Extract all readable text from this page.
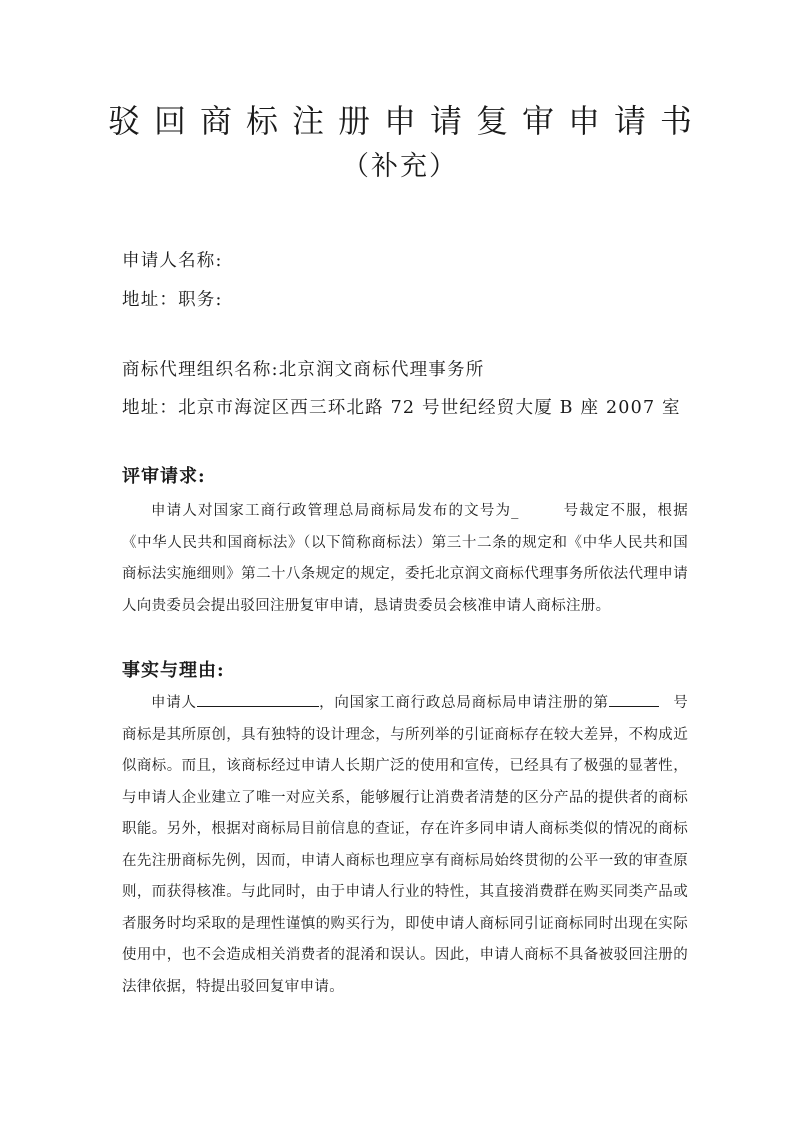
驳回商标注册申请复审申请书
（补充）
申请人名称:
地址：职务:
商标代理组织名称:北京润文商标代理事务所
地址：北京市海淀区西三环北路 72 号世纪经贸大厦 B 座 2007 室
评审请求:
申请人对国家工商行政管理总局商标局发布的文号为_	号裁定不服，根据《中华人民共和国商标法》（以下简称商标法）第三十二条的规定和《中华人民共和国商标法实施细则》第二十八条规定的规定，委托北京润文商标代理事务所依法代理申请人向贵委员会提出驳回注册复审申请，恳请贵委员会核准申请人商标注册。
事实与理由:
申请人	，向国家工商行政总局商标局申请注册的第	号商标是其所原创，具有独特的设计理念，与所列举的引证商标存在较大差异，不构成近似商标。而且，该商标经过申请人长期广泛的使用和宣传，已经具有了极强的显著性，与申请人企业建立了唯一对应关系，能够履行让消费者清楚的区分产品的提供者的商标职能。另外，根据对商标局目前信息的查证，存在许多同申请人商标类似的情况的商标在先注册商标先例，因而，申请人商标也理应享有商标局始终贯彻的公平一致的审查原则，而获得核准。与此同时，由于申请人行业的特性，其直接消费群在购买同类产品或者服务时均采取的是理性谨慎的购买行为，即使申请人商标同引证商标同时出现在实际使用中，也不会造成相关消费者的混淆和误认。因此，申请人商标不具备被驳回注册的法律依据，特提出驳回复审申请。
